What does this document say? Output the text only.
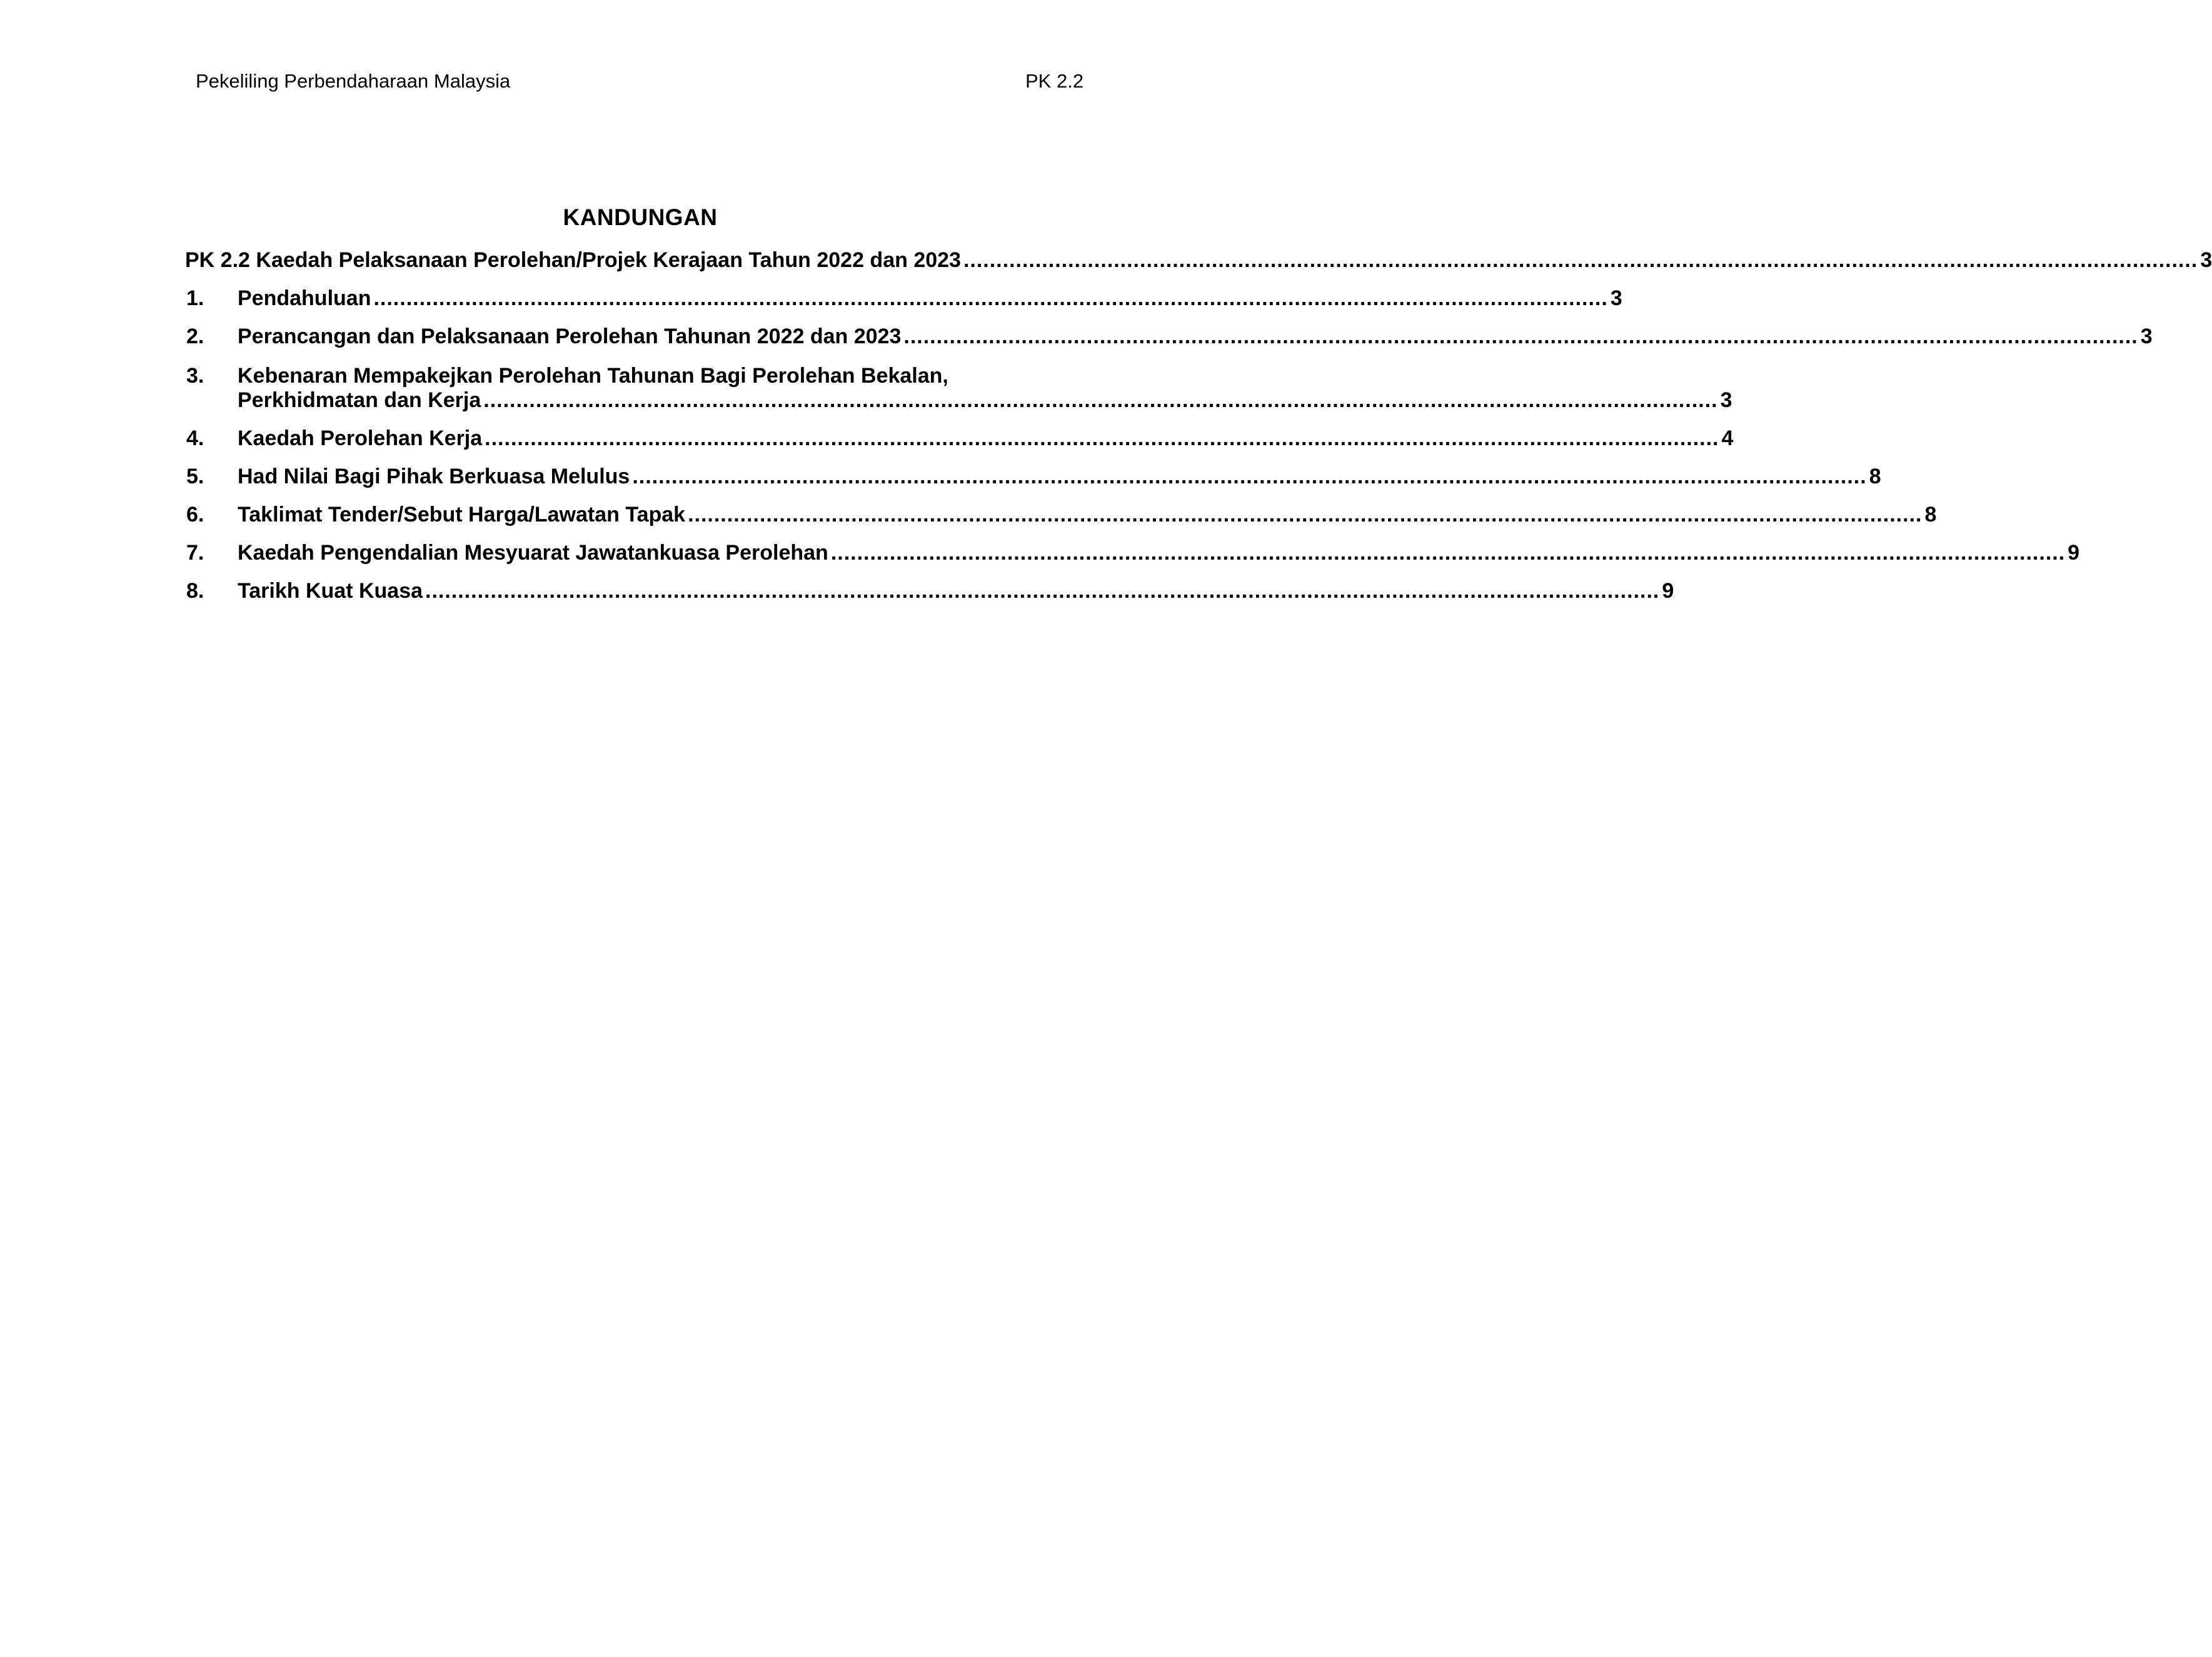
Pekeliling Perbendaharaan Malaysia	PK 2.2
KANDUNGAN
PK 2.2 Kaedah Pelaksanaan Perolehan/Projek Kerajaan Tahun 2022 dan 2023 ............................................................................................................................................................................................. 3
1. Pendahuluan ............................................................................................................................................................................................. 3
2. Perancangan dan Pelaksanaan Perolehan Tahunan 2022 dan 2023 ............................................................................................................................................................................................. 3
3. Kebenaran Mempakejkan Perolehan Tahunan Bagi Perolehan Bekalan,
Perkhidmatan dan Kerja ............................................................................................................................................................................................. 3
4. Kaedah Perolehan Kerja ............................................................................................................................................................................................. 4
5. Had Nilai Bagi Pihak Berkuasa Melulus ............................................................................................................................................................................................. 8
6. Taklimat Tender/Sebut Harga/Lawatan Tapak ............................................................................................................................................................................................. 8
7. Kaedah Pengendalian Mesyuarat Jawatankuasa Perolehan ............................................................................................................................................................................................. 9
8. Tarikh Kuat Kuasa ............................................................................................................................................................................................. 9
